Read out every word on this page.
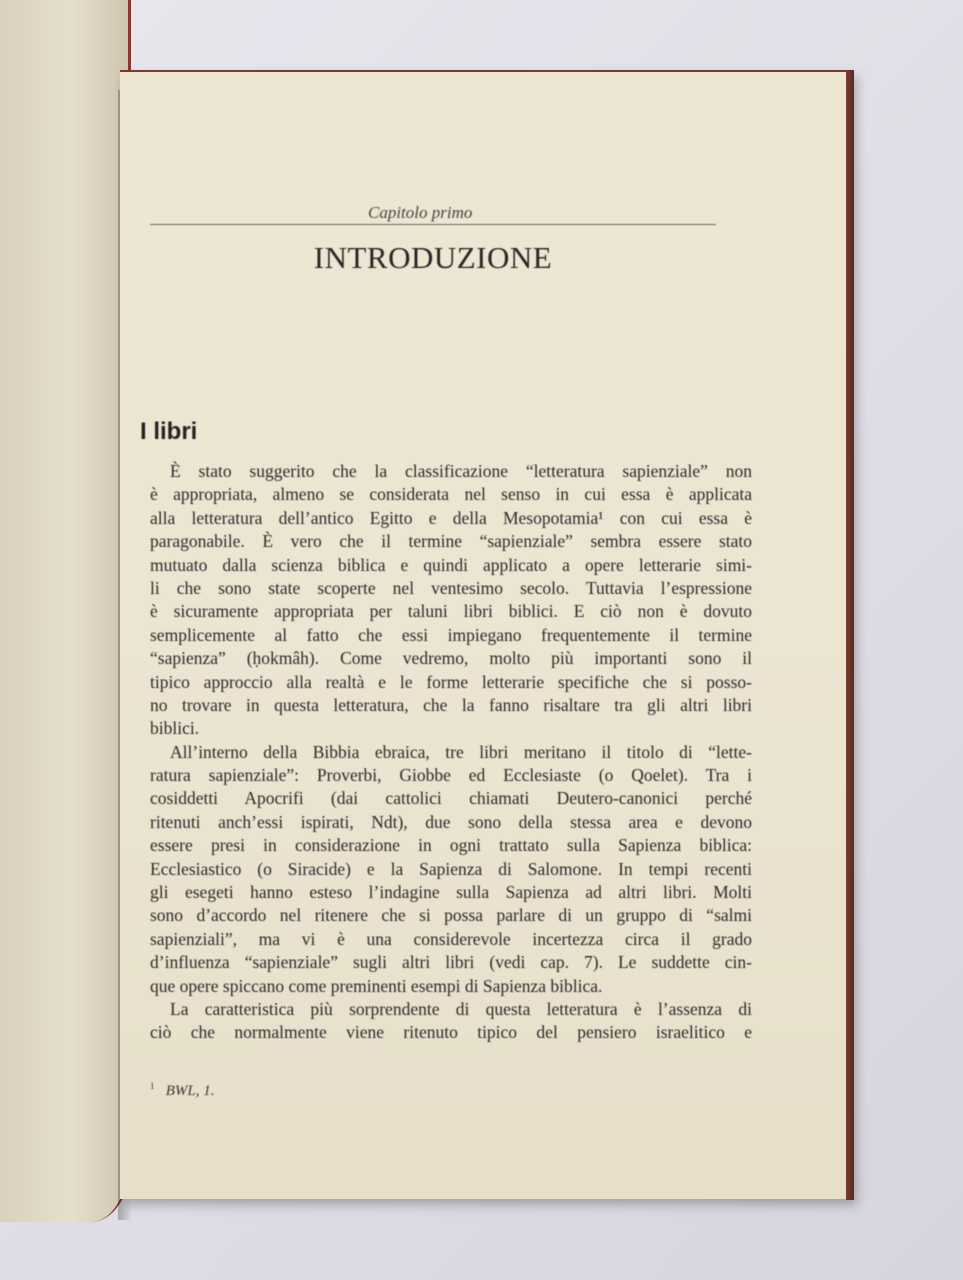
Capitolo primo
INTRODUZIONE
I libri
È stato suggerito che la classificazione “letteratura sapienziale” non
è appropriata, almeno se considerata nel senso in cui essa è applicata
alla letteratura dell’antico Egitto e della Mesopotamia¹ con cui essa è
paragonabile. È vero che il termine “sapienziale” sembra essere stato
mutuato dalla scienza biblica e quindi applicato a opere letterarie simi-
li che sono state scoperte nel ventesimo secolo. Tuttavia l’espressione
è sicuramente appropriata per taluni libri biblici. E ciò non è dovuto
semplicemente al fatto che essi impiegano frequentemente il termine
“sapienza” (ḥokmâh). Come vedremo, molto più importanti sono il
tipico approccio alla realtà e le forme letterarie specifiche che si posso-
no trovare in questa letteratura, che la fanno risaltare tra gli altri libri
biblici.
All’interno della Bibbia ebraica, tre libri meritano il titolo di “lette-
ratura sapienziale”: Proverbi, Giobbe ed Ecclesiaste (o Qoelet). Tra i
cosiddetti Apocrifi (dai cattolici chiamati Deutero-canonici perché
ritenuti anch’essi ispirati, Ndt), due sono della stessa area e devono
essere presi in considerazione in ogni trattato sulla Sapienza biblica:
Ecclesiastico (o Siracide) e la Sapienza di Salomone. In tempi recenti
gli esegeti hanno esteso l’indagine sulla Sapienza ad altri libri. Molti
sono d’accordo nel ritenere che si possa parlare di un gruppo di “salmi
sapienziali”, ma vi è una considerevole incertezza circa il grado
d’influenza “sapienziale” sugli altri libri (vedi cap. 7). Le suddette cin-
que opere spiccano come preminenti esempi di Sapienza biblica.
La caratteristica più sorprendente di questa letteratura è l’assenza di
ciò che normalmente viene ritenuto tipico del pensiero israelitico e
$^1$ BWL, 1.
